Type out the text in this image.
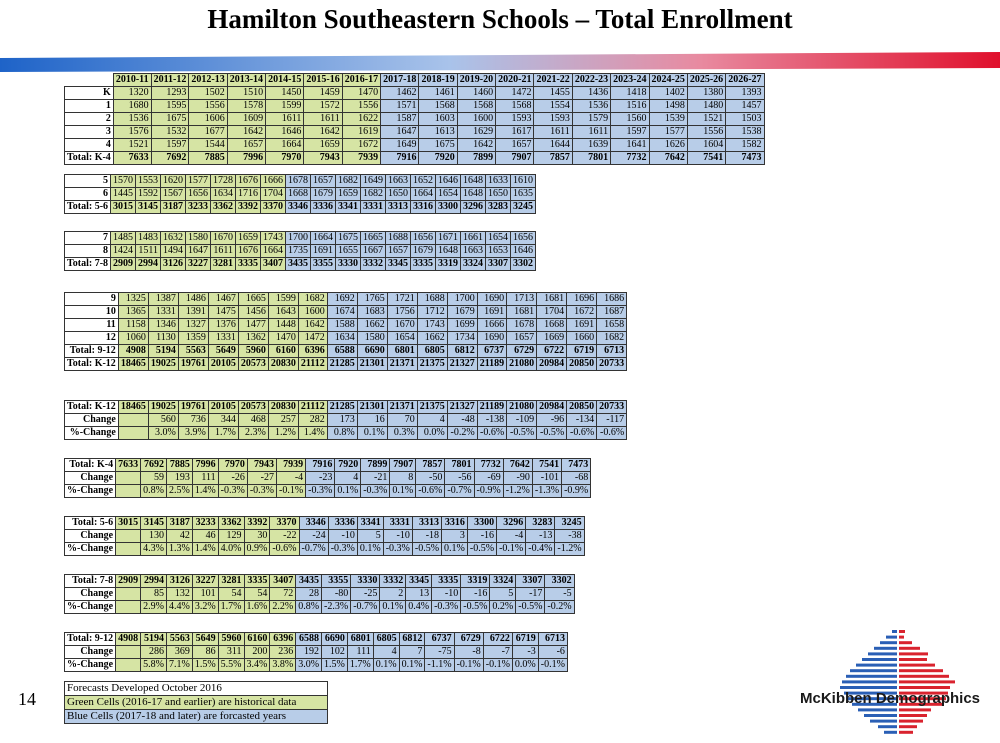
Hamilton Southeastern Schools – Total Enrollment
	2010-11	2011-12	2012-13	2013-14	2014-15	2015-16	2016-17	2017-18	2018-19	2019-20	2020-21	2021-22	2022-23	2023-24	2024-25	2025-26	2026-27
K	1320	1293	1502	1510	1450	1459	1470	1462	1461	1460	1472	1455	1436	1418	1402	1380	1393
1	1680	1595	1556	1578	1599	1572	1556	1571	1568	1568	1568	1554	1536	1516	1498	1480	1457
2	1536	1675	1606	1609	1611	1611	1622	1587	1603	1600	1593	1593	1579	1560	1539	1521	1503
3	1576	1532	1677	1642	1646	1642	1619	1647	1613	1629	1617	1611	1611	1597	1577	1556	1538
4	1521	1597	1544	1657	1664	1659	1672	1649	1675	1642	1657	1644	1639	1641	1626	1604	1582
Total: K-4	7633	7692	7885	7996	7970	7943	7939	7916	7920	7899	7907	7857	7801	7732	7642	7541	7473
5	1570	1553	1620	1577	1728	1676	1666	1678	1657	1682	1649	1663	1652	1646	1648	1633	1610
6	1445	1592	1567	1656	1634	1716	1704	1668	1679	1659	1682	1650	1664	1654	1648	1650	1635
Total: 5-6	3015	3145	3187	3233	3362	3392	3370	3346	3336	3341	3331	3313	3316	3300	3296	3283	3245
7	1485	1483	1632	1580	1670	1659	1743	1700	1664	1675	1665	1688	1656	1671	1661	1654	1656
8	1424	1511	1494	1647	1611	1676	1664	1735	1691	1655	1667	1657	1679	1648	1663	1653	1646
Total: 7-8	2909	2994	3126	3227	3281	3335	3407	3435	3355	3330	3332	3345	3335	3319	3324	3307	3302
9	1325	1387	1486	1467	1665	1599	1682	1692	1765	1721	1688	1700	1690	1713	1681	1696	1686
10	1365	1331	1391	1475	1456	1643	1600	1674	1683	1756	1712	1679	1691	1681	1704	1672	1687
11	1158	1346	1327	1376	1477	1448	1642	1588	1662	1670	1743	1699	1666	1678	1668	1691	1658
12	1060	1130	1359	1331	1362	1470	1472	1634	1580	1654	1662	1734	1690	1657	1669	1660	1682
Total: 9-12	4908	5194	5563	5649	5960	6160	6396	6588	6690	6801	6805	6812	6737	6729	6722	6719	6713
Total: K-12	18465	19025	19761	20105	20573	20830	21112	21285	21301	21371	21375	21327	21189	21080	20984	20850	20733
Total: K-12	18465	19025	19761	20105	20573	20830	21112	21285	21301	21371	21375	21327	21189	21080	20984	20850	20733
Change		560	736	344	468	257	282	173	16	70	4	-48	-138	-109	-96	-134	-117
%-Change		3.0%	3.9%	1.7%	2.3%	1.2%	1.4%	0.8%	0.1%	0.3%	0.0%	-0.2%	-0.6%	-0.5%	-0.5%	-0.6%	-0.6%
Total: K-4	7633	7692	7885	7996	7970	7943	7939	7916	7920	7899	7907	7857	7801	7732	7642	7541	7473
Change		59	193	111	-26	-27	-4	-23	4	-21	8	-50	-56	-69	-90	-101	-68
%-Change		0.8%	2.5%	1.4%	-0.3%	-0.3%	-0.1%	-0.3%	0.1%	-0.3%	0.1%	-0.6%	-0.7%	-0.9%	-1.2%	-1.3%	-0.9%
Total: 5-6	3015	3145	3187	3233	3362	3392	3370	3346	3336	3341	3331	3313	3316	3300	3296	3283	3245
Change		130	42	46	129	30	-22	-24	-10	5	-10	-18	3	-16	-4	-13	-38
%-Change		4.3%	1.3%	1.4%	4.0%	0.9%	-0.6%	-0.7%	-0.3%	0.1%	-0.3%	-0.5%	0.1%	-0.5%	-0.1%	-0.4%	-1.2%
Total: 7-8	2909	2994	3126	3227	3281	3335	3407	3435	3355	3330	3332	3345	3335	3319	3324	3307	3302
Change		85	132	101	54	54	72	28	-80	-25	2	13	-10	-16	5	-17	-5
%-Change		2.9%	4.4%	3.2%	1.7%	1.6%	2.2%	0.8%	-2.3%	-0.7%	0.1%	0.4%	-0.3%	-0.5%	0.2%	-0.5%	-0.2%
Total: 9-12	4908	5194	5563	5649	5960	6160	6396	6588	6690	6801	6805	6812	6737	6729	6722	6719	6713
Change		286	369	86	311	200	236	192	102	111	4	7	-75	-8	-7	-3	-6
%-Change		5.8%	7.1%	1.5%	5.5%	3.4%	3.8%	3.0%	1.5%	1.7%	0.1%	0.1%	-1.1%	-0.1%	-0.1%	0.0%	-0.1%
Forecasts Developed October 2016
Green Cells (2016-17 and earlier) are historical data
Blue Cells (2017-18 and later) are forcasted years
14	McKibben Demographics
